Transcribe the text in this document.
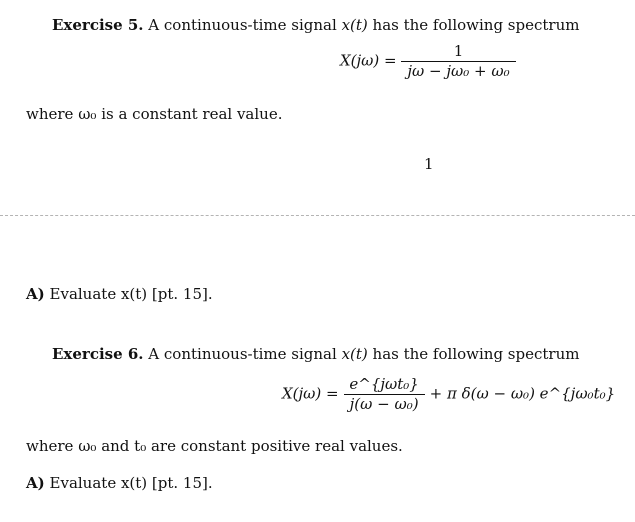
Exercise 5. A continuous-time signal x(t) has the following spectrum
$X(j\omega) = \frac{1}{\text{jω − jω₀ + ω₀}}$
where ω₀ is a constant real value.
1
A) Evaluate x(t) [pt. 15].
Exercise 6. A continuous-time signal x(t) has the following spectrum
$X(j\omega) = \frac{\text{e\textasciicircum{}\{jωt₀\}}}{\text{j(ω − ω₀)}} + \pi$ δ(ω − ω₀) e^{jω₀t₀}
where ω₀ and t₀ are constant positive real values.
A) Evaluate x(t) [pt. 15].
